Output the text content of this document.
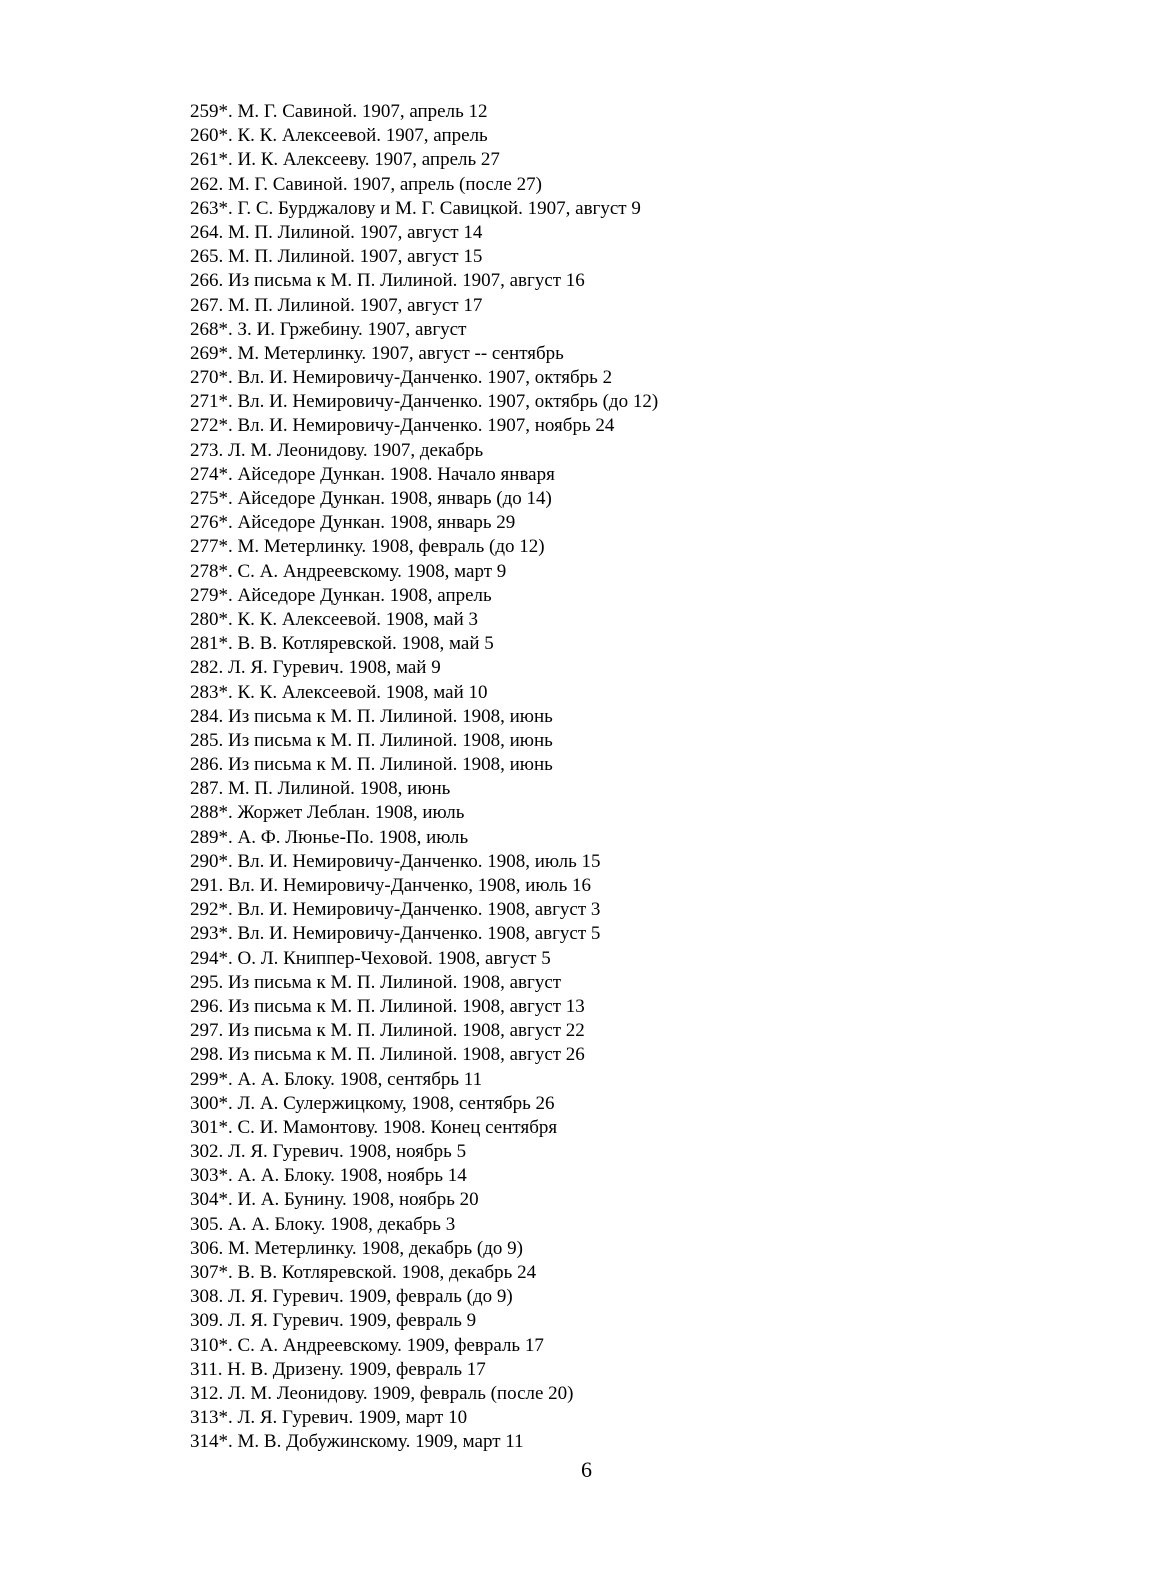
259*. М. Г. Савиной. 1907, апрель 12
260*. К. К. Алексеевой. 1907, апрель
261*. И. К. Алексееву. 1907, апрель 27
262. М. Г. Савиной. 1907, апрель (после 27)
263*. Г. С. Бурджалову и М. Г. Савицкой. 1907, август 9
264. М. П. Лилиной. 1907, август 14
265. М. П. Лилиной. 1907, август 15
266. Из письма к М. П. Лилиной. 1907, август 16
267. М. П. Лилиной. 1907, август 17
268*. З. И. Гржебину. 1907, август
269*. М. Метерлинку. 1907, август -- сентябрь
270*. Вл. И. Немировичу-Данченко. 1907, октябрь 2
271*. Вл. И. Немировичу-Данченко. 1907, октябрь (до 12)
272*. Вл. И. Немировичу-Данченко. 1907, ноябрь 24
273. Л. М. Леонидову. 1907, декабрь
274*. Айседоре Дункан. 1908. Начало января
275*. Айседоре Дункан. 1908, январь (до 14)
276*. Айседоре Дункан. 1908, январь 29
277*. М. Метерлинку. 1908, февраль (до 12)
278*. С. А. Андреевскому. 1908, март 9
279*. Айседоре Дункан. 1908, апрель
280*. К. К. Алексеевой. 1908, май 3
281*. В. В. Котляревской. 1908, май 5
282. Л. Я. Гуревич. 1908, май 9
283*. К. К. Алексеевой. 1908, май 10
284. Из письма к М. П. Лилиной. 1908, июнь
285. Из письма к М. П. Лилиной. 1908, июнь
286. Из письма к М. П. Лилиной. 1908, июнь
287. М. П. Лилиной. 1908, июнь
288*. Жоржет Леблан. 1908, июль
289*. А. Ф. Люнье-По. 1908, июль
290*. Вл. И. Немировичу-Данченко. 1908, июль 15
291. Вл. И. Немировичу-Данченко, 1908, июль 16
292*. Вл. И. Немировичу-Данченко. 1908, август 3
293*. Вл. И. Немировичу-Данченко. 1908, август 5
294*. О. Л. Книппер-Чеховой. 1908, август 5
295. Из письма к М. П. Лилиной. 1908, август
296. Из письма к М. П. Лилиной. 1908, август 13
297. Из письма к М. П. Лилиной. 1908, август 22
298. Из письма к М. П. Лилиной. 1908, август 26
299*. А. А. Блоку. 1908, сентябрь 11
300*. Л. А. Сулержицкому, 1908, сентябрь 26
301*. С. И. Мамонтову. 1908. Конец сентября
302. Л. Я. Гуревич. 1908, ноябрь 5
303*. А. А. Блоку. 1908, ноябрь 14
304*. И. А. Бунину. 1908, ноябрь 20
305. А. А. Блоку. 1908, декабрь 3
306. М. Метерлинку. 1908, декабрь (до 9)
307*. В. В. Котляревской. 1908, декабрь 24
308. Л. Я. Гуревич. 1909, февраль (до 9)
309. Л. Я. Гуревич. 1909, февраль 9
310*. С. А. Андреевскому. 1909, февраль 17
311. Н. В. Дризену. 1909, февраль 17
312. Л. М. Леонидову. 1909, февраль (после 20)
313*. Л. Я. Гуревич. 1909, март 10
314*. М. В. Добужинскому. 1909, март 11
6
